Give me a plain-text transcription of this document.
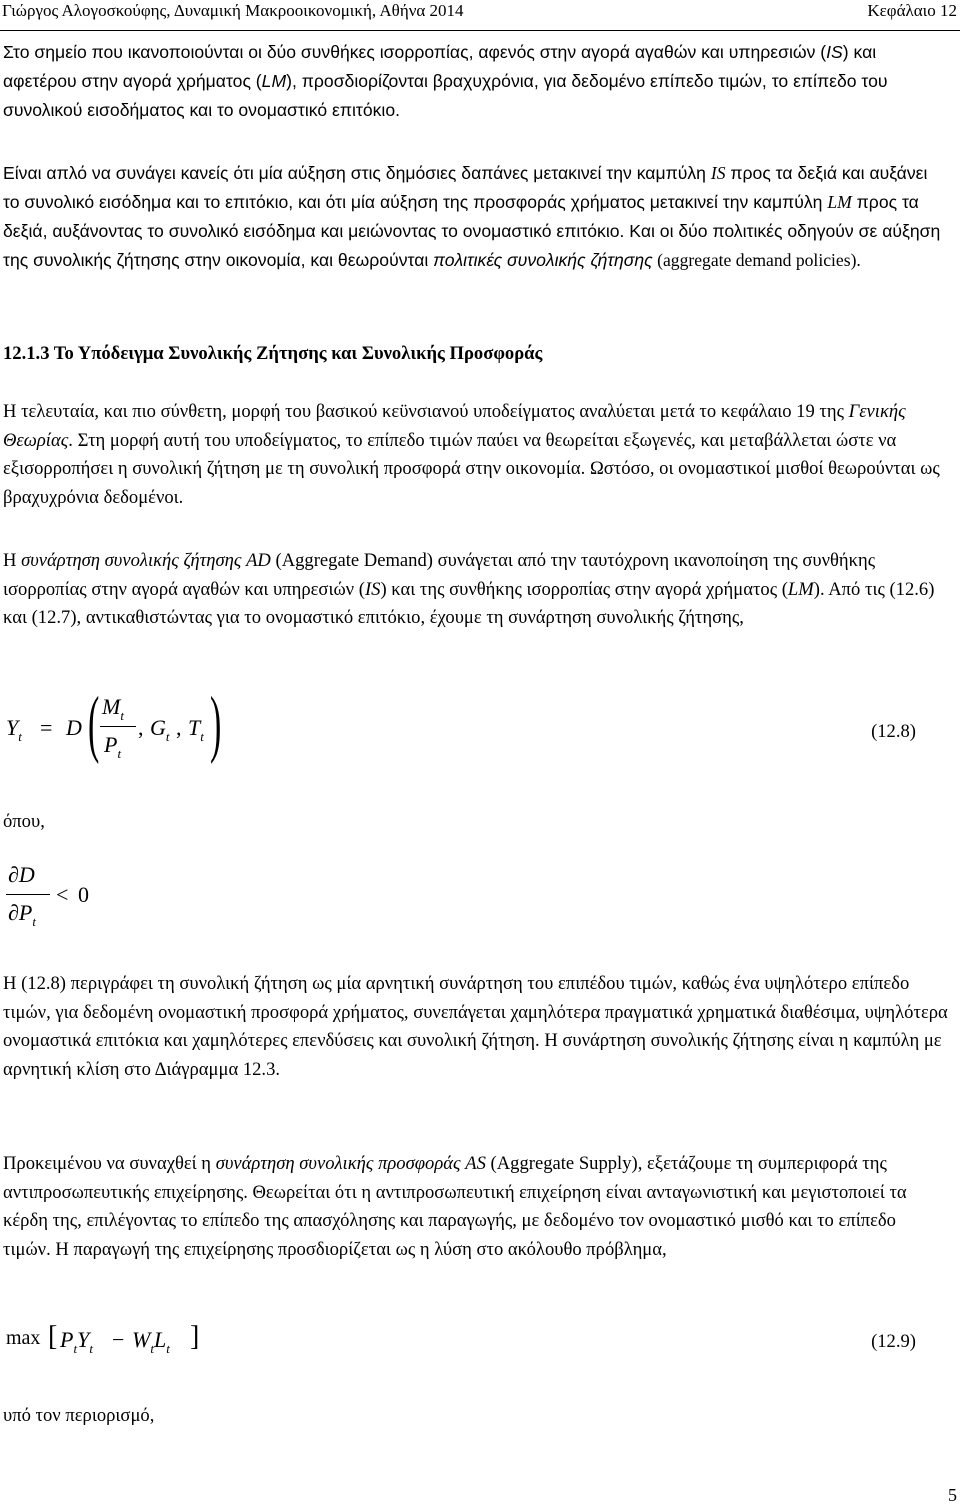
Γιώργος Αλογοσκούφης, Δυναμική Μακροοικονομική, Αθήνα 2014	Κεφάλαιο 12

Στο σημείο που ικανοποιούνται οι δύο συνθήκες ισορροπίας, αφενός στην αγορά αγαθών και υπηρεσιών (IS) και αφετέρου στην αγορά χρήματος (LM), προσδιορίζονται βραχυχρόνια, για δεδομένο επίπεδο τιμών, το επίπεδο του συνολικού εισοδήματος και το ονομαστικό επιτόκιο.

Είναι απλό να συνάγει κανείς ότι μία αύξηση στις δημόσιες δαπάνες μετακινεί την καμπύλη IS προς τα δεξιά και αυξάνει το συνολικό εισόδημα και το επιτόκιο, και ότι μία αύξηση της προσφοράς χρήματος μετακινεί την καμπύλη LM προς τα δεξιά, αυξάνοντας το συνολικό εισόδημα και μειώνοντας το ονομαστικό επιτόκιο. Και οι δύο πολιτικές οδηγούν σε αύξηση της συνολικής ζήτησης στην οικονομία, και θεωρούνται πολιτικές συνολικής ζήτησης (aggregate demand policies).

12.1.3 Το Υπόδειγμα Συνολικής Ζήτησης και Συνολικής Προσφοράς

Η τελευταία, και πιο σύνθετη, μορφή του βασικού κεϋνσιανού υποδείγματος αναλύεται μετά το κεφάλαιο 19 της Γενικής Θεωρίας. Στη μορφή αυτή του υποδείγματος, το επίπεδο τιμών παύει να θεωρείται εξωγενές, και μεταβάλλεται ώστε να εξισορροπήσει η συνολική ζήτηση με τη συνολική προσφορά στην οικονομία. Ωστόσο, οι ονομαστικοί μισθοί θεωρούνται ως βραχυχρόνια δεδομένοι.

Η συνάρτηση συνολικής ζήτησης AD (Aggregate Demand) συνάγεται από την ταυτόχρονη ικανοποίηση της συνθήκης ισορροπίας στην αγορά αγαθών και υπηρεσιών (IS) και της συνθήκης ισορροπίας στην αγορά χρήματος (LM). Από τις (12.6) και (12.7), αντικαθιστώντας για το ονομαστικό επιτόκιο, έχουμε τη συνάρτηση συνολικής ζήτησης,

$Y_t = D$ ( $M_t$
$P_t$
, $G_t$ , $T_t$ )	(12.8)

όπου,

∂D
$\partial P_t$
< 0

Η (12.8) περιγράφει τη συνολική ζήτηση ως μία αρνητική συνάρτηση του επιπέδου τιμών, καθώς ένα υψηλότερο επίπεδο τιμών, για δεδομένη ονομαστική προσφορά χρήματος, συνεπάγεται χαμηλότερα πραγματικά χρηματικά διαθέσιμα, υψηλότερα ονομαστικά επιτόκια και χαμηλότερες επενδύσεις και συνολική ζήτηση. Η συνάρτηση συνολικής ζήτησης είναι η καμπύλη με αρνητική κλίση στο Διάγραμμα 12.3.

Προκειμένου να συναχθεί η συνάρτηση συνολικής προσφοράς AS (Aggregate Supply), εξετάζουμε τη συμπεριφορά της αντιπροσωπευτικής επιχείρησης. Θεωρείται ότι η αντιπροσωπευτική επιχείρηση είναι ανταγωνιστική και μεγιστοποιεί τα κέρδη της, επιλέγοντας το επίπεδο της απασχόλησης και παραγωγής, με δεδομένο τον ονομαστικό μισθό και το επίπεδο τιμών. Η παραγωγή της επιχείρησης προσδιορίζεται ως η λύση στο ακόλουθο πρόβλημα,

max [ $P_tY_t - W_tL_t$ ]	(12.9)

υπό τον περιορισμό,

5
